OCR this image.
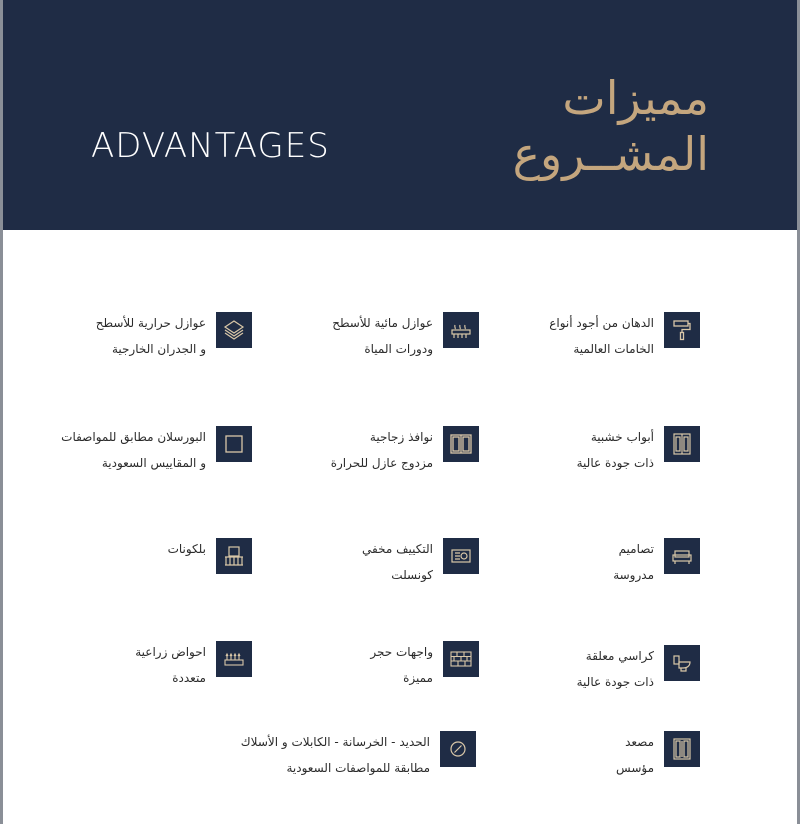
ADVANTAGES
مميزات
المشــروع
الدهان من أجود أنواع
الخامات العالمية
عوازل مائية للأسطح
ودورات المياة
عوازل حرارية للأسطح
و الجدران الخارجية
أبواب خشبية
ذات جودة عالية
نوافذ زجاجية
مزدوج عازل للحرارة
البورسلان مطابق للمواصفات
و المقاييس السعودية
تصاميم
مدروسة
التكييف مخفي
كونسلت
بلكونات
كراسي معلقة
ذات جودة عالية
واجهات حجر
مميزة
احواض زراعية
متعددة
مصعد
مؤسس
الحديد - الخرسانة - الكابلات و الأسلاك
مطابقة للمواصفات السعودية
